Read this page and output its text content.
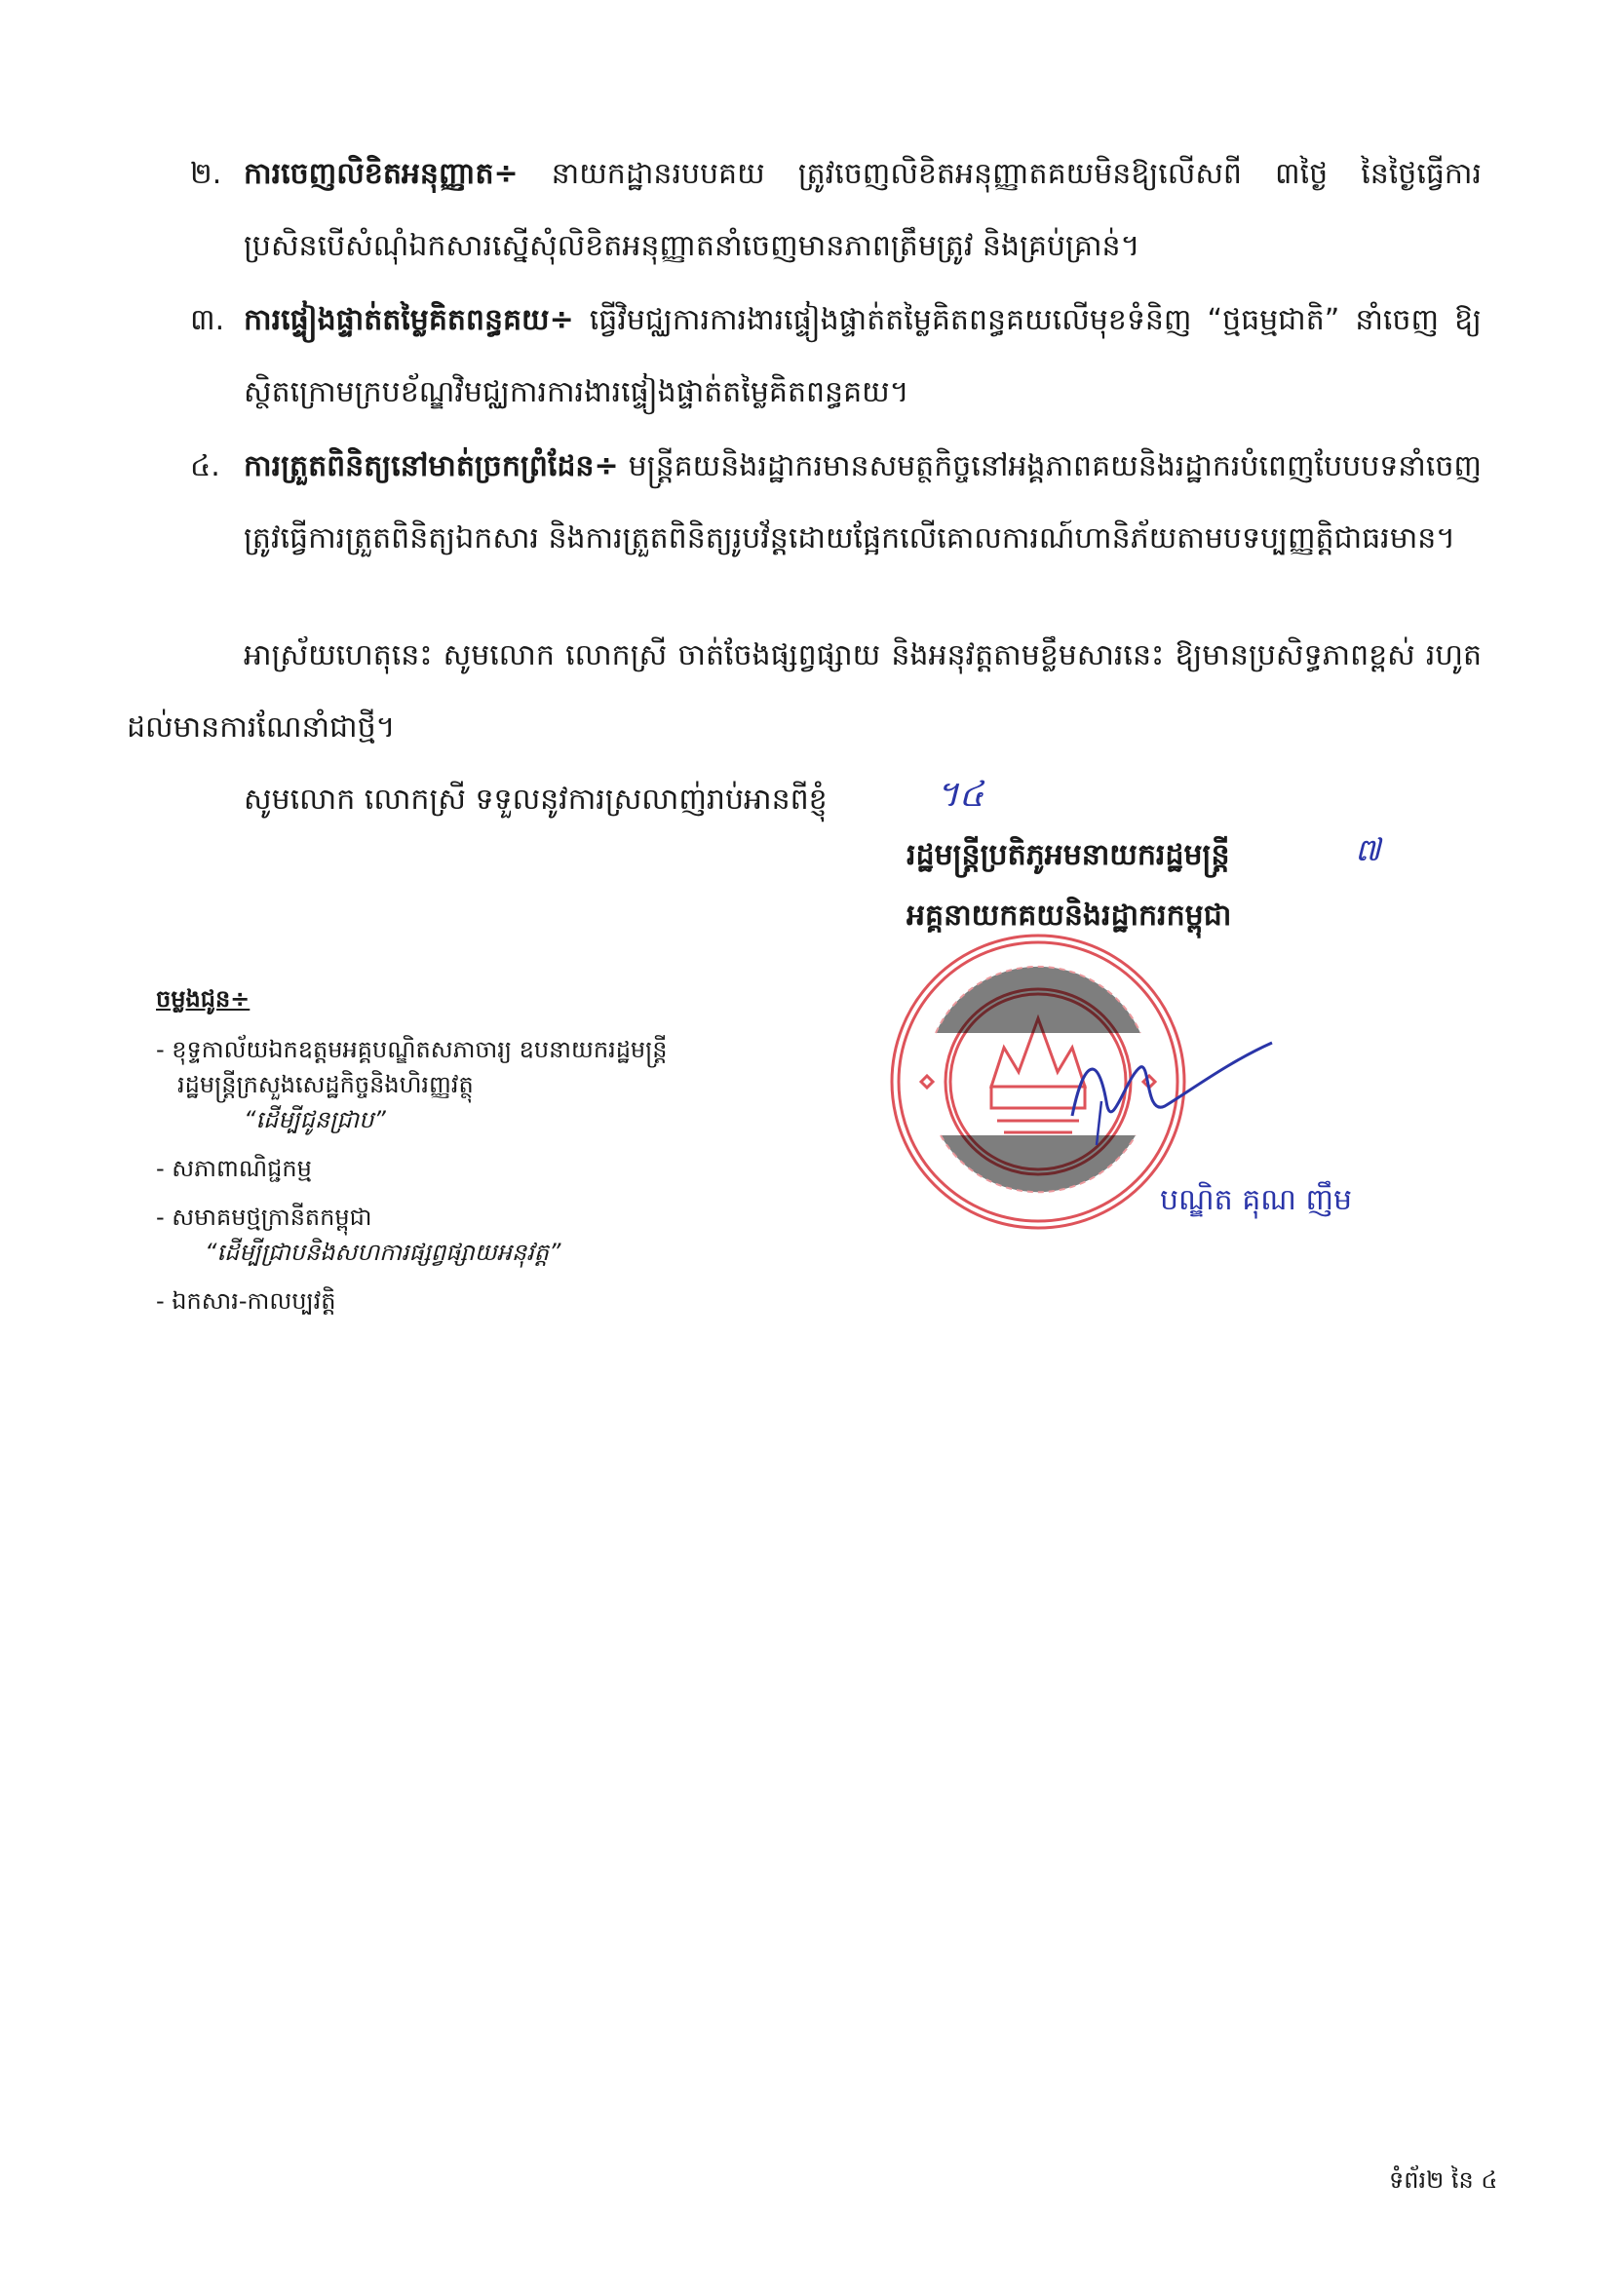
២. ការចេញលិខិតអនុញ្ញាត÷ នាយកដ្ឋានរបបគយ ត្រូវចេញលិខិតអនុញ្ញាតគយមិនឱ្យលើសពី ៣ថ្ងៃ នៃថ្ងៃធ្វើការ ប្រសិនបើសំណុំឯកសារស្នើសុំលិខិតអនុញ្ញាតនាំចេញមានភាពត្រឹមត្រូវ និងគ្រប់គ្រាន់។
៣. ការផ្ទៀងផ្ទាត់តម្លៃគិតពន្ធគយ÷ ធ្វើវិមជ្ឈការការងារផ្ទៀងផ្ទាត់តម្លៃគិតពន្ធគយលើមុខទំនិញ “ថ្មធម្មជាតិ” នាំចេញ ឱ្យស្ថិតក្រោមក្របខ័ណ្ឌវិមជ្ឈការការងារផ្ទៀងផ្ទាត់តម្លៃគិតពន្ធគយ។
៤. ការត្រួតពិនិត្យនៅមាត់ច្រកព្រំដែន÷ មន្ត្រីគយនិងរដ្ឋាករមានសមត្ថកិច្ចនៅអង្គភាពគយនិងរដ្ឋាករបំពេញបែបបទនាំចេញ ត្រូវធ្វើការត្រួតពិនិត្យឯកសារ និងការត្រួតពិនិត្យរូបវ័ន្តដោយផ្អែកលើគោលការណ៍ហានិភ័យតាមបទប្បញ្ញត្តិជាធរមាន។
អាស្រ័យហេតុនេះ សូមលោក លោកស្រី ចាត់ចែងផ្សព្វផ្សាយ និងអនុវត្តតាមខ្លឹមសារនេះ ឱ្យមានប្រសិទ្ធភាពខ្ពស់ រហូតដល់មានការណែនាំជាថ្មី។
សូមលោក លោកស្រី ទទួលនូវការស្រលាញ់រាប់អានពីខ្ញុំ	។៤
រដ្ឋមន្ត្រីប្រតិភូអមនាយករដ្ឋមន្ត្រី	៧
អគ្គនាយកគយនិងរដ្ឋាករកម្ពុជា
បណ្ឌិត គុណ ញឹម
ចម្លងជូន÷
- ខុទ្ទកាល័យឯកឧត្តមអគ្គបណ្ឌិតសភាចារ្យ ឧបនាយករដ្ឋមន្ត្រី
រដ្ឋមន្ត្រីក្រសួងសេដ្ឋកិច្ចនិងហិរញ្ញវត្ថុ
“ដើម្បីជូនជ្រាប”
- សភាពាណិជ្ជកម្ម
- សមាគមថ្មក្រានីតកម្ពុជា
“ដើម្បីជ្រាបនិងសហការផ្សព្វផ្សាយអនុវត្ត”
- ឯកសារ-កាលប្បវត្តិ
ទំព័រ២ នៃ ៤
